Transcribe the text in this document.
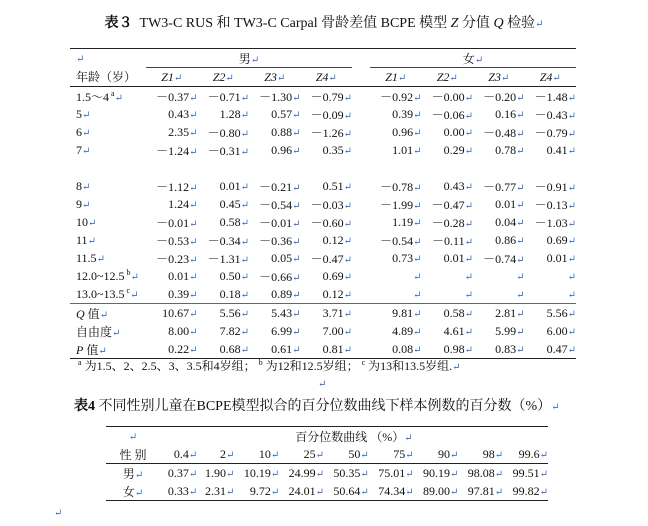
表３ TW3-C RUS 和 TW3-C Carpal 骨龄差值 BCPE 模型 Z 分值 Q 检验↵
↵	男↵					女↵			
年龄（岁）	Z1↵	Z2↵	Z3↵	Z4↵		Z1↵	Z2↵	Z3↵	Z4↵
1.5～4 $^a$↵	－0.37↵	－0.71↵	－1.30↵	－0.79↵		－0.92↵	－0.00↵	－0.20↵	－1.48↵
5↵	0.43↵	1.28↵	0.57↵	－0.09↵		0.39↵	－0.06↵	0.16↵	－0.43↵
6↵	2.35↵	－0.80↵	0.88↵	－1.26↵		0.96↵	0.00↵	－0.48↵	－0.79↵
7↵	－1.24↵	－0.31↵	0.96↵	0.35↵		1.01↵	0.29↵	0.78↵	0.41↵

8↵	－1.12↵	0.01↵	－0.21↵	0.51↵		－0.78↵	0.43↵	－0.77↵	－0.91↵
9↵	1.24↵	0.45↵	－0.54↵	－0.03↵		－1.99↵	－0.47↵	0.01↵	－0.13↵
10↵	－0.01↵	0.58↵	－0.01↵	－0.60↵		1.19↵	－0.28↵	0.04↵	－1.03↵
11↵	－0.53↵	－0.34↵	－0.36↵	0.12↵		－0.54↵	－0.11↵	0.86↵	0.69↵
11.5↵	－0.23↵	－1.31↵	0.05↵	－0.47↵		0.73↵	0.01↵	－0.74↵	0.01↵
12.0~12.5 $^b$↵	0.01↵	0.50↵	－0.66↵	0.69↵		↵	↵	↵	↵
13.0~13.5 $^c$↵	0.39↵	0.18↵	0.89↵	0.12↵		↵	↵	↵	↵
Q 值↵	10.67↵	5.56↵	5.43↵	3.71↵		9.81↵	0.58↵	2.81↵	5.56↵
自由度↵	8.00↵	7.82↵	6.99↵	7.00↵		4.89↵	4.61↵	5.99↵	6.00↵
P 值↵	0.22↵	0.68↵	0.61↵	0.81↵		0.08↵	0.98↵	0.83↵	0.47↵
$^a$ 为1.5、2、2.5、3、3.5和4岁组； $^b$ 为12和12.5岁组； $^c$ 为13和13.5岁组.↵
↵
表4 不同性别儿童在BCPE模型拟合的百分位数曲线下样本例数的百分数（%）↵
↵	百分位数曲线 （%）↵								
性 别	0.4↵	2↵	10↵	25↵	50↵	75↵	90↵	98↵	99.6↵
男↵	0.37↵	1.90↵	10.19↵	24.99↵	50.35↵	75.01↵	90.19↵	98.08↵	99.51↵
女↵	0.33↵	2.31↵	9.72↵	24.01↵	50.64↵	74.34↵	89.00↵	97.81↵	99.82↵
↵
